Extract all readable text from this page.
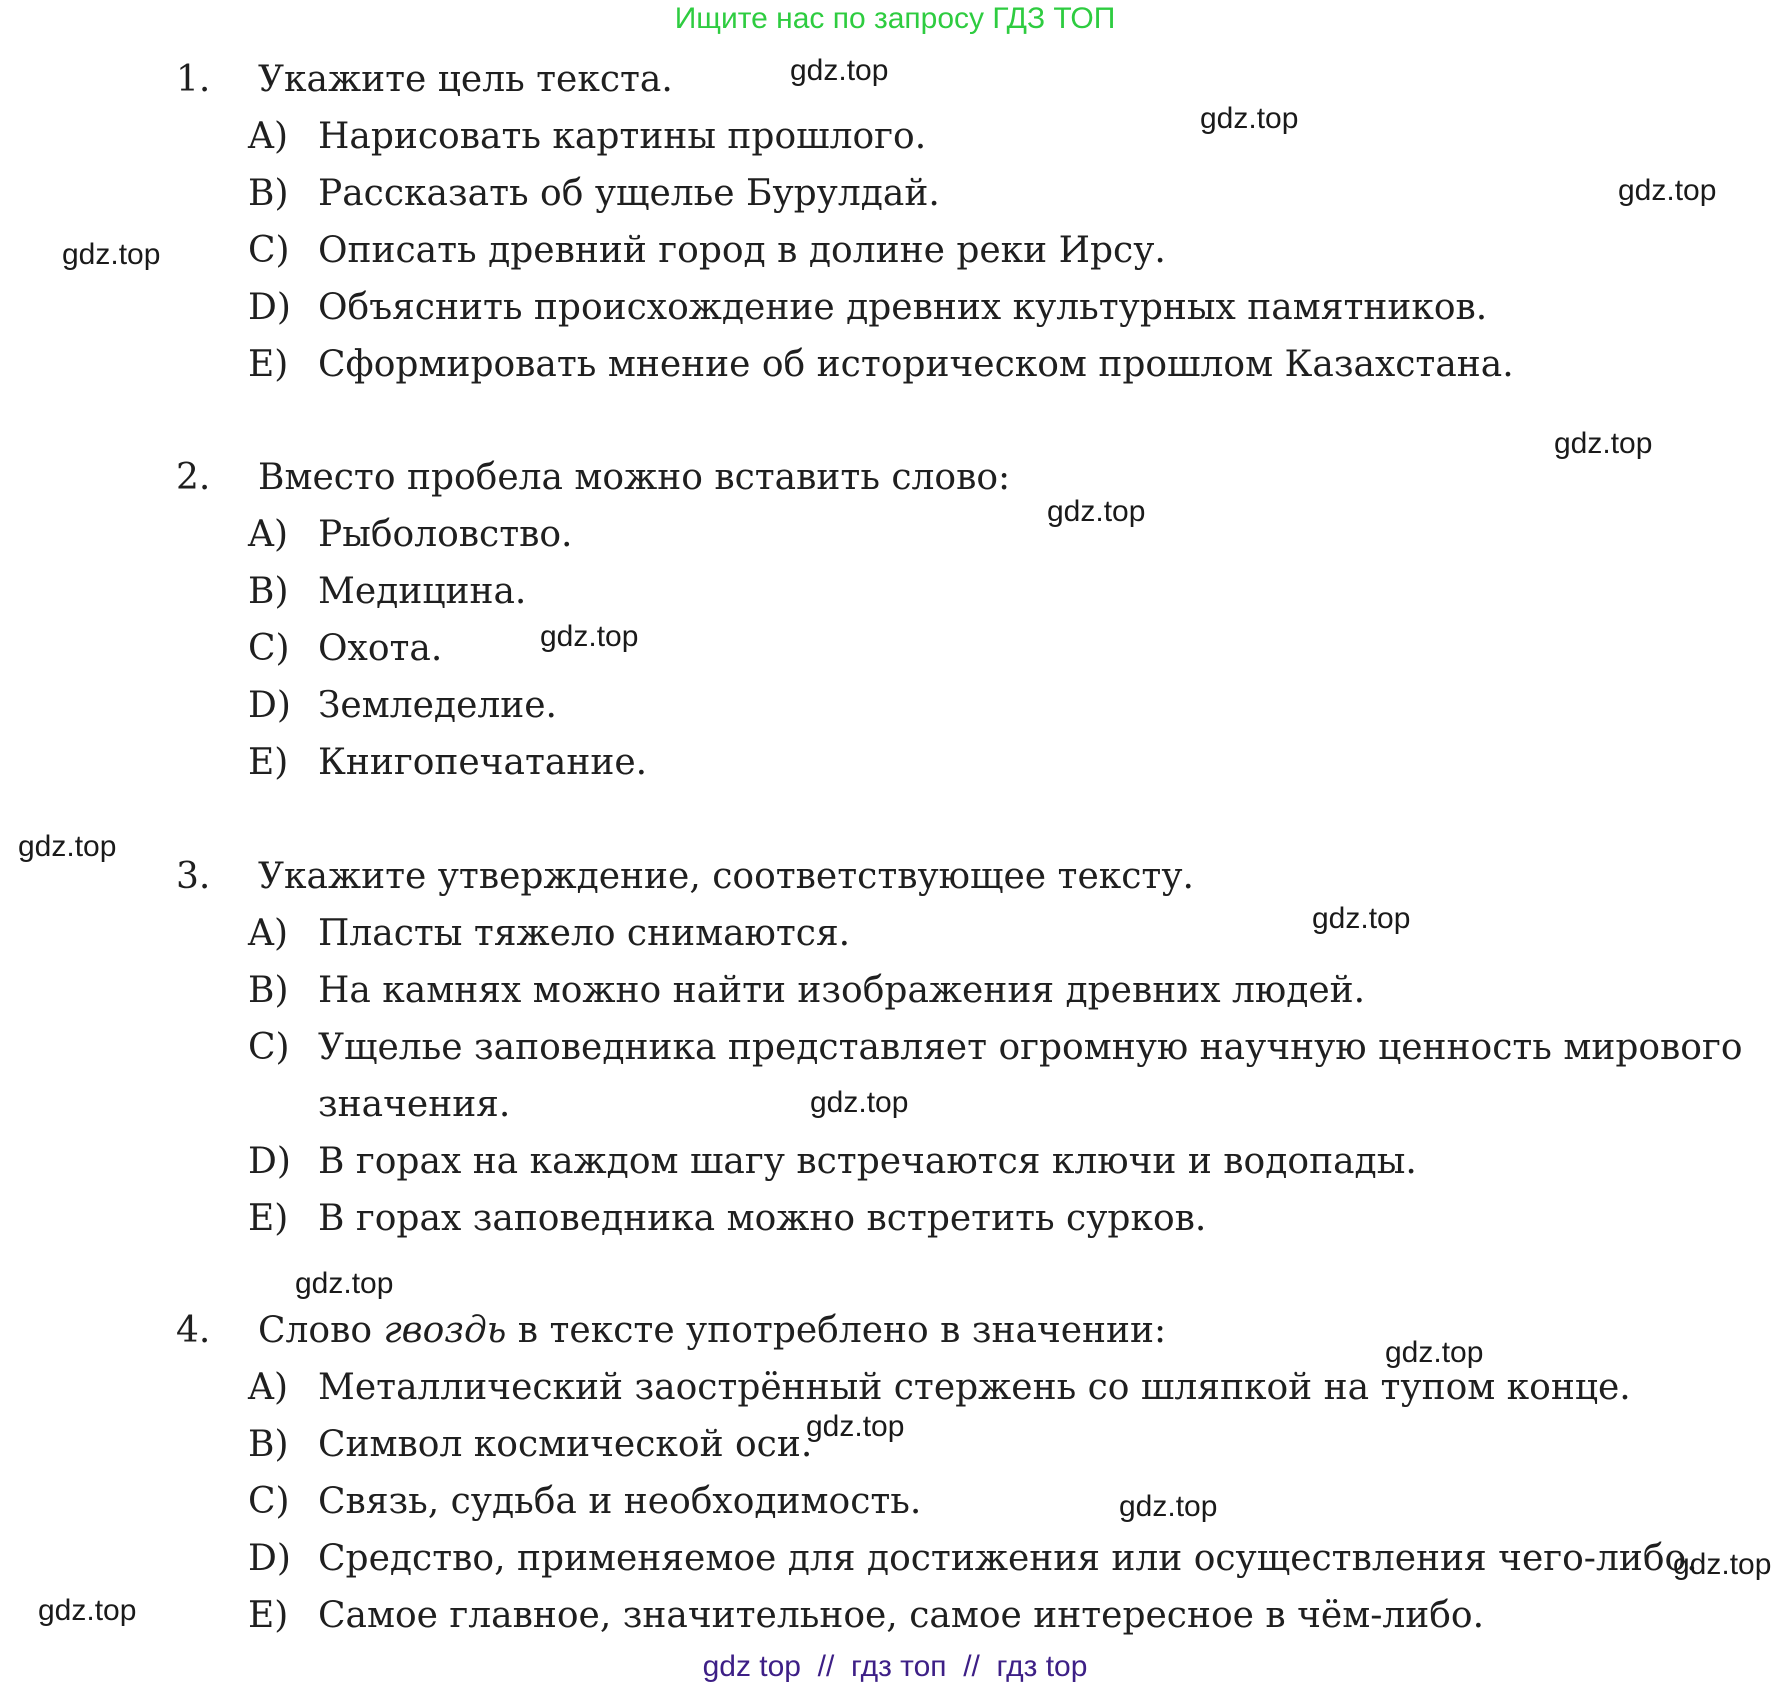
Ищите нас по запросу ГДЗ ТОП
1. Укажите цель текста.
A) Нарисовать картины прошлого.
B) Рассказать об ущелье Бурулдай.
C) Описать древний город в долине реки Ирсу.
D) Объяснить происхождение древних культурных памятников.
E) Сформировать мнение об историческом прошлом Казахстана.
2. Вместо пробела можно вставить слово:
A) Рыболовство.
B) Медицина.
C) Охота.
D) Земледелие.
E) Книгопечатание.
3. Укажите утверждение, соответствующее тексту.
A) Пласты тяжело снимаются.
B) На камнях можно найти изображения древних людей.
C) Ущелье заповедника представляет огромную научную ценность мирового
значения.
D) В горах на каждом шагу встречаются ключи и водопады.
E) В горах заповедника можно встретить сурков.
4. Слово гвоздь в тексте употреблено в значении:
A) Металлический заострённый стержень со шляпкой на тупом конце.
B) Символ космической оси.
C) Связь, судьба и необходимость.
D) Средство, применяемое для достижения или осуществления чего-либо.
E) Самое главное, значительное, самое интересное в чём-либо.
gdz.top
gdz.top
gdz.top
gdz.top
gdz.top
gdz.top
gdz.top
gdz.top
gdz.top
gdz.top
gdz.top
gdz.top
gdz.top
gdz.top
gdz.top
gdz.top
gdz top  //  гдз топ  //  гдз top
